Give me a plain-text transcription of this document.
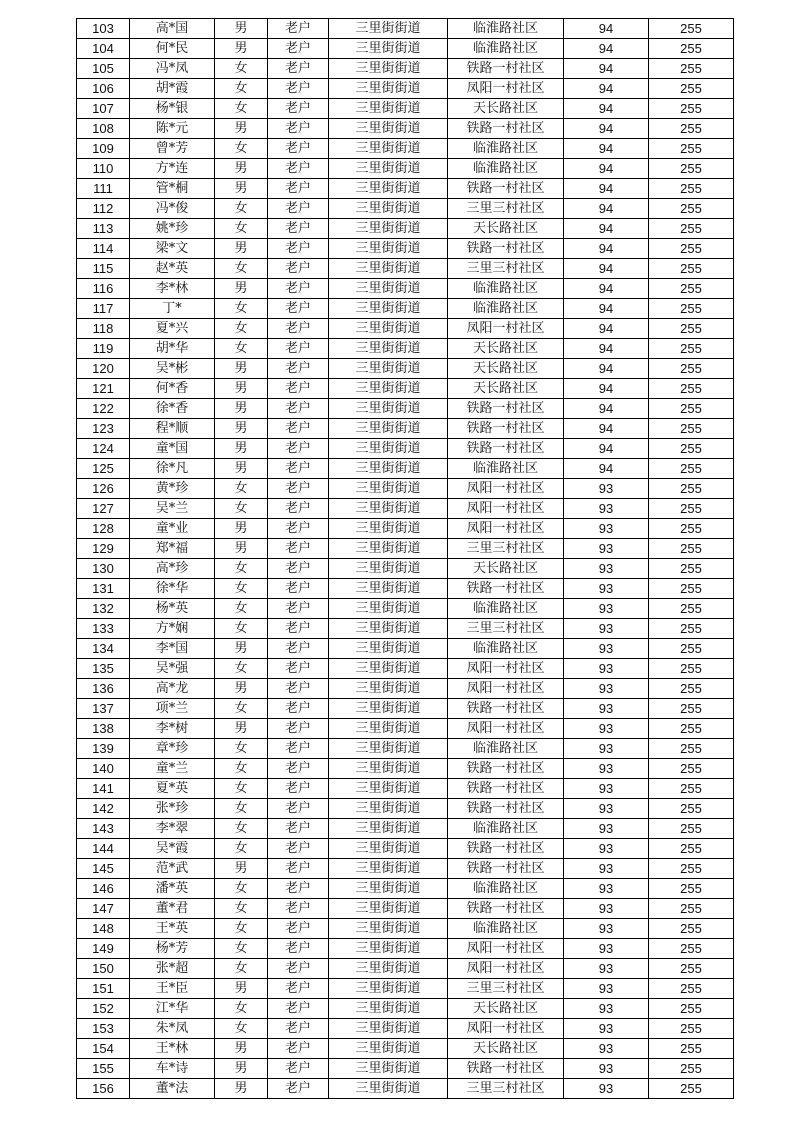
103	高*国	男	老户	三里街街道	临淮路社区	94	255
104	何*民	男	老户	三里街街道	临淮路社区	94	255
105	冯*凤	女	老户	三里街街道	铁路一村社区	94	255
106	胡*霞	女	老户	三里街街道	凤阳一村社区	94	255
107	杨*银	女	老户	三里街街道	天长路社区	94	255
108	陈*元	男	老户	三里街街道	铁路一村社区	94	255
109	曾*芳	女	老户	三里街街道	临淮路社区	94	255
110	方*连	男	老户	三里街街道	临淮路社区	94	255
111	管*桐	男	老户	三里街街道	铁路一村社区	94	255
112	冯*俊	女	老户	三里街街道	三里三村社区	94	255
113	姚*珍	女	老户	三里街街道	天长路社区	94	255
114	梁*文	男	老户	三里街街道	铁路一村社区	94	255
115	赵*英	女	老户	三里街街道	三里三村社区	94	255
116	李*林	男	老户	三里街街道	临淮路社区	94	255
117	丁*	女	老户	三里街街道	临淮路社区	94	255
118	夏*兴	女	老户	三里街街道	凤阳一村社区	94	255
119	胡*华	女	老户	三里街街道	天长路社区	94	255
120	吴*彬	男	老户	三里街街道	天长路社区	94	255
121	何*香	男	老户	三里街街道	天长路社区	94	255
122	徐*香	男	老户	三里街街道	铁路一村社区	94	255
123	程*顺	男	老户	三里街街道	铁路一村社区	94	255
124	童*国	男	老户	三里街街道	铁路一村社区	94	255
125	徐*凡	男	老户	三里街街道	临淮路社区	94	255
126	黄*珍	女	老户	三里街街道	凤阳一村社区	93	255
127	吴*兰	女	老户	三里街街道	凤阳一村社区	93	255
128	童*业	男	老户	三里街街道	凤阳一村社区	93	255
129	郑*福	男	老户	三里街街道	三里三村社区	93	255
130	高*珍	女	老户	三里街街道	天长路社区	93	255
131	徐*华	女	老户	三里街街道	铁路一村社区	93	255
132	杨*英	女	老户	三里街街道	临淮路社区	93	255
133	方*娴	女	老户	三里街街道	三里三村社区	93	255
134	李*国	男	老户	三里街街道	临淮路社区	93	255
135	吴*强	女	老户	三里街街道	凤阳一村社区	93	255
136	高*龙	男	老户	三里街街道	凤阳一村社区	93	255
137	项*兰	女	老户	三里街街道	铁路一村社区	93	255
138	李*树	男	老户	三里街街道	凤阳一村社区	93	255
139	章*珍	女	老户	三里街街道	临淮路社区	93	255
140	童*兰	女	老户	三里街街道	铁路一村社区	93	255
141	夏*英	女	老户	三里街街道	铁路一村社区	93	255
142	张*珍	女	老户	三里街街道	铁路一村社区	93	255
143	李*翠	女	老户	三里街街道	临淮路社区	93	255
144	吴*霞	女	老户	三里街街道	铁路一村社区	93	255
145	范*武	男	老户	三里街街道	铁路一村社区	93	255
146	潘*英	女	老户	三里街街道	临淮路社区	93	255
147	董*君	女	老户	三里街街道	铁路一村社区	93	255
148	王*英	女	老户	三里街街道	临淮路社区	93	255
149	杨*芳	女	老户	三里街街道	凤阳一村社区	93	255
150	张*超	女	老户	三里街街道	凤阳一村社区	93	255
151	王*臣	男	老户	三里街街道	三里三村社区	93	255
152	江*华	女	老户	三里街街道	天长路社区	93	255
153	朱*凤	女	老户	三里街街道	凤阳一村社区	93	255
154	王*林	男	老户	三里街街道	天长路社区	93	255
155	车*诗	男	老户	三里街街道	铁路一村社区	93	255
156	董*法	男	老户	三里街街道	三里三村社区	93	255
